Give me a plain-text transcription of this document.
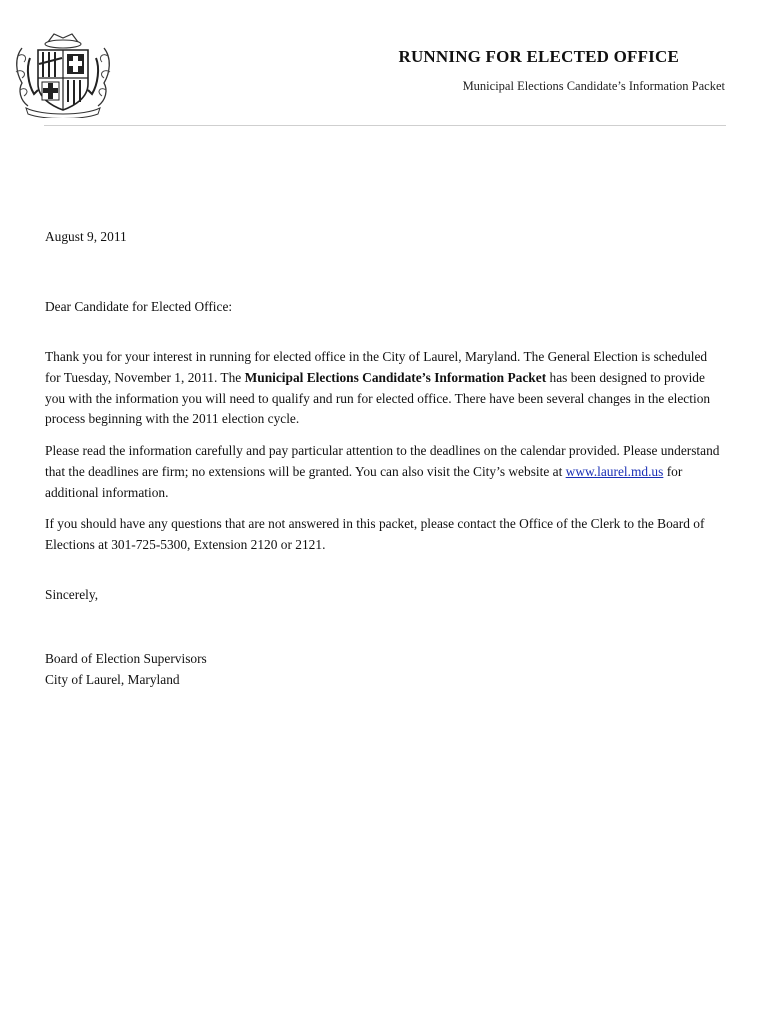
RUNNING FOR ELECTED OFFICE
Municipal Elections Candidate’s Information Packet
August 9, 2011
Dear Candidate for Elected Office:

Thank you for your interest in running for elected office in the City of Laurel, Maryland. The General Election is scheduled for Tuesday, November 1, 2011. The Municipal Elections Candidate’s Information Packet has been designed to provide you with the information you will need to qualify and run for elected office. There have been several changes in the election process beginning with the 2011 election cycle.

Please read the information carefully and pay particular attention to the deadlines on the calendar provided. Please understand that the deadlines are firm; no extensions will be granted. You can also visit the City’s website at www.laurel.md.us for additional information.

If you should have any questions that are not answered in this packet, please contact the Office of the Clerk to the Board of Elections at 301-725-5300, Extension 2120 or 2121.

Sincerely,
Board of Election Supervisors
City of Laurel, Maryland
